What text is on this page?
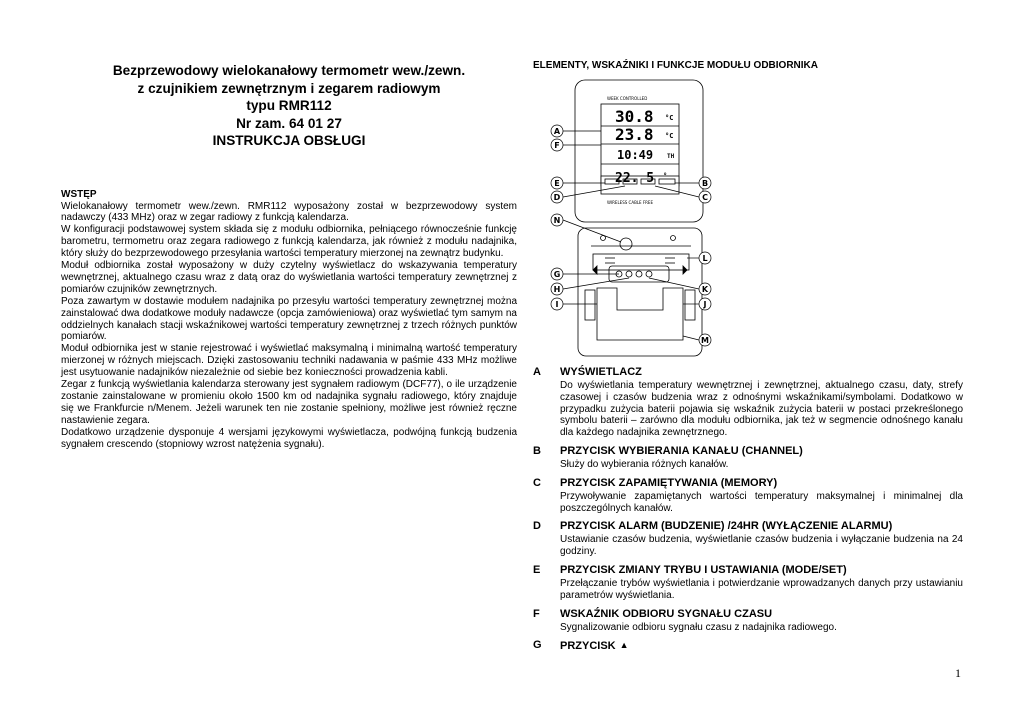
Bezprzewodowy wielokanałowy termometr wew./zewn.
z czujnikiem zewnętrznym i zegarem radiowym
typu RMR112
Nr zam. 64 01 27
INSTRUKCJA OBSŁUGI
WSTĘP

Wielokanałowy termometr wew./zewn. RMR112 wyposażony został w bezprzewodowy system nadawczy (433 MHz) oraz w zegar radiowy z funkcją kalendarza.

W konfiguracji podstawowej system składa się z modułu odbiornika, pełniącego równocześnie funkcję barometru, termometru oraz zegara radiowego z funkcją kalendarza, jak również z modułu nadajnika, który służy do bezprzewodowego przesyłania wartości temperatury mierzonej na zewnątrz budynku.

Moduł odbiornika został wyposażony w duży czytelny wyświetlacz do wskazywania temperatury wewnętrznej, aktualnego czasu wraz z datą oraz do wyświetlania wartości temperatury zewnętrznej z pomiarów czujników zewnętrznych.

Poza zawartym w dostawie modułem nadajnika po przesyłu wartości temperatury zewnętrznej można zainstalować dwa dodatkowe moduły nadawcze (opcja zamówieniowa) oraz wyświetlać tym samym na oddzielnych kanałach stacji wskaźnikowej wartości temperatury zewnętrznej z trzech różnych punktów pomiarów.

Moduł odbiornika jest w stanie rejestrować i wyświetlać maksymalną i minimalną wartość temperatury mierzonej w różnych miejscach. Dzięki zastosowaniu techniki nadawania w paśmie 433 MHz możliwe jest usytuowanie nadajników niezależnie od siebie bez konieczności prowadzenia kabli.

Zegar z funkcją wyświetlania kalendarza sterowany jest sygnałem radiowym (DCF77), o ile urządzenie zostanie zainstalowane w promieniu około 1500 km od nadajnika sygnału radiowego, który znajduje się we Frankfurcie n/Menem. Jeżeli warunek ten nie zostanie spełniony, możliwe jest również ręczne nastawienie zegara.

Dodatkowo urządzenie dysponuje 4 wersjami językowymi wyświetlacza, podwójną funkcją budzenia sygnałem crescendo (stopniowy wzrost natężenia sygnału).

ELEMENTY, WSKAŹNIKI I FUNKCJE MODUŁU ODBIORNIKA
30.8
23.8
10:49
22. 5
°C
°C
TH
°
WEEK CONTROLLED
WIRELESS CABLE FREE
A
F
E
D
N
G
H
I
B
C
L
K
J
M
A WYŚWIETLACZ
Do wyświetlania temperatury wewnętrznej i zewnętrznej, aktualnego czasu, daty, strefy czasowej i czasów budzenia wraz z odnośnymi wskaźnikami/symbolami. Dodatkowo w przypadku zużycia baterii pojawia się wskaźnik zużycia baterii w postaci przekreślonego symbolu baterii – zarówno dla modułu odbiornika, jak też w segmencie odnośnego kanału dla każdego nadajnika zewnętrznego.
B PRZYCISK WYBIERANIA KANAŁU (CHANNEL)
Służy do wybierania różnych kanałów.
C PRZYCISK ZAPAMIĘTYWANIA (MEMORY)
Przywoływanie zapamiętanych wartości temperatury maksymalnej i minimalnej dla poszczególnych kanałów.
D PRZYCISK ALARM (BUDZENIE) /24HR (WYŁĄCZENIE ALARMU)
Ustawianie czasów budzenia, wyświetlanie czasów budzenia i wyłączanie budzenia na 24 godziny.
E PRZYCISK ZMIANY TRYBU I USTAWIANIA (MODE/SET)
Przełączanie trybów wyświetlania i potwierdzanie wprowadzanych danych przy ustawianiu parametrów wyświetlania.
F WSKAŹNIK ODBIORU SYGNAŁU CZASU
Sygnalizowanie odbioru sygnału czasu z nadajnika radiowego.
G PRZYCISK ▲
1
